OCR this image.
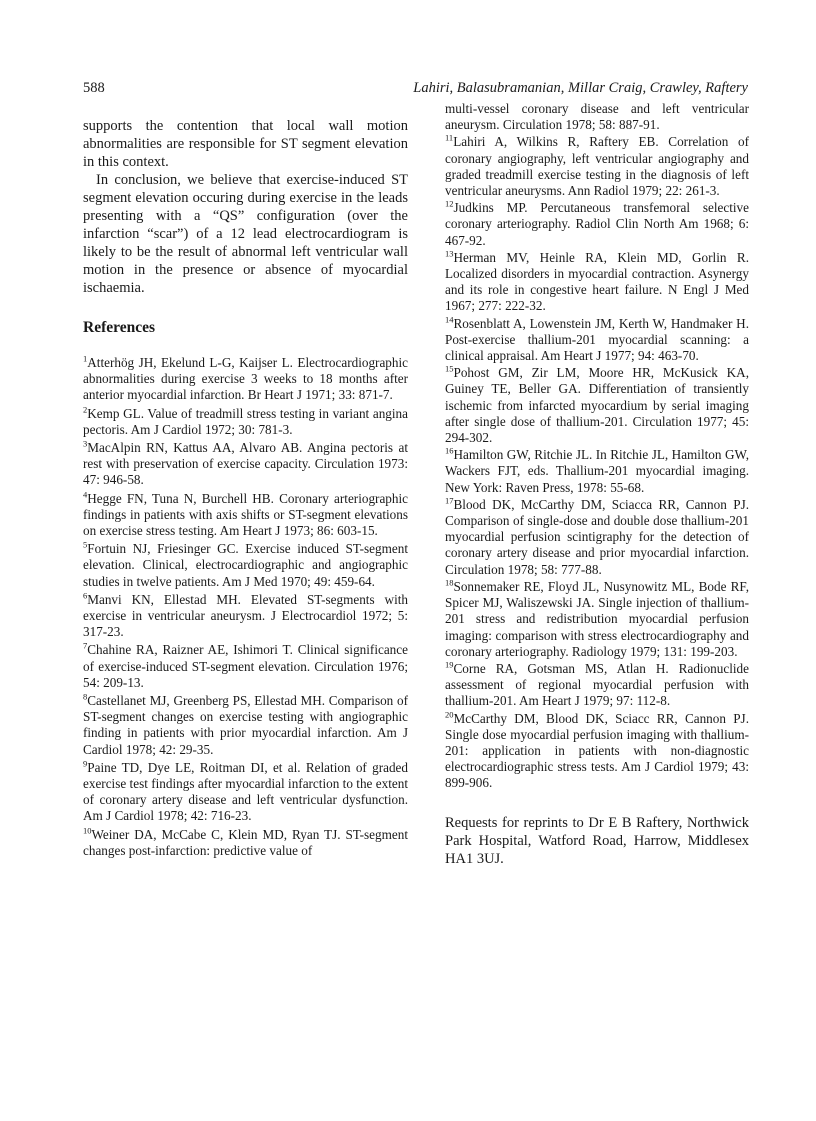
588	Lahiri, Balasubramanian, Millar Craig, Crawley, Raftery

supports the contention that local wall motion abnormalities are responsible for ST segment elevation in this context.

In conclusion, we believe that exercise-induced ST segment elevation occuring during exercise in the leads presenting with a “QS” configuration (over the infarction “scar”) of a 12 lead electrocardiogram is likely to be the result of abnormal left ventricular wall motion in the presence or absence of myocardial ischaemia.

References
$^1$Atterhög JH, Ekelund L-G, Kaijser L. Electrocardiographic abnormalities during exercise 3 weeks to 18 months after anterior myocardial infarction. Br Heart J 1971; 33: 871-7.
$^2$Kemp GL. Value of treadmill stress testing in variant angina pectoris. Am J Cardiol 1972; 30: 781-3.
$^3$MacAlpin RN, Kattus AA, Alvaro AB. Angina pectoris at rest with preservation of exercise capacity. Circulation 1973: 47: 946-58.
$^4$Hegge FN, Tuna N, Burchell HB. Coronary arteriographic findings in patients with axis shifts or ST-segment elevations on exercise stress testing. Am Heart J 1973; 86: 603-15.
$^5$Fortuin NJ, Friesinger GC. Exercise induced ST-segment elevation. Clinical, electrocardiographic and angiographic studies in twelve patients. Am J Med 1970; 49: 459-64.
$^6$Manvi KN, Ellestad MH. Elevated ST-segments with exercise in ventricular aneurysm. J Electrocardiol 1972; 5: 317-23.
$^7$Chahine RA, Raizner AE, Ishimori T. Clinical significance of exercise-induced ST-segment elevation. Circulation 1976; 54: 209-13.
$^8$Castellanet MJ, Greenberg PS, Ellestad MH. Comparison of ST-segment changes on exercise testing with angiographic finding in patients with prior myocardial infarction. Am J Cardiol 1978; 42: 29-35.
$^9$Paine TD, Dye LE, Roitman DI, et al. Relation of graded exercise test findings after myocardial infarction to the extent of coronary artery disease and left ventricular dysfunction. Am J Cardiol 1978; 42: 716-23.
$^{10}$Weiner DA, McCabe C, Klein MD, Ryan TJ. ST-segment changes post-infarction: predictive value of
multi-vessel coronary disease and left ventricular aneurysm. Circulation 1978; 58: 887-91.
$^{11}$Lahiri A, Wilkins R, Raftery EB. Correlation of coronary angiography, left ventricular angiography and graded treadmill exercise testing in the diagnosis of left ventricular aneurysms. Ann Radiol 1979; 22: 261-3.
$^{12}$Judkins MP. Percutaneous transfemoral selective coronary arteriography. Radiol Clin North Am 1968; 6: 467-92.
$^{13}$Herman MV, Heinle RA, Klein MD, Gorlin R. Localized disorders in myocardial contraction. Asynergy and its role in congestive heart failure. N Engl J Med 1967; 277: 222-32.
$^{14}$Rosenblatt A, Lowenstein JM, Kerth W, Handmaker H. Post-exercise thallium-201 myocardial scanning: a clinical appraisal. Am Heart J 1977; 94: 463-70.
$^{15}$Pohost GM, Zir LM, Moore HR, McKusick KA, Guiney TE, Beller GA. Differentiation of transiently ischemic from infarcted myocardium by serial imaging after single dose of thallium-201. Circulation 1977; 45: 294-302.
$^{16}$Hamilton GW, Ritchie JL. In Ritchie JL, Hamilton GW, Wackers FJT, eds. Thallium-201 myocardial imaging. New York: Raven Press, 1978: 55-68.
$^{17}$Blood DK, McCarthy DM, Sciacca RR, Cannon PJ. Comparison of single-dose and double dose thallium-201 myocardial perfusion scintigraphy for the detection of coronary artery disease and prior myocardial infarction. Circulation 1978; 58: 777-88.
$^{18}$Sonnemaker RE, Floyd JL, Nusynowitz ML, Bode RF, Spicer MJ, Waliszewski JA. Single injection of thallium-201 stress and redistribution myocardial perfusion imaging: comparison with stress electrocardiography and coronary arteriography. Radiology 1979; 131: 199-203.
$^{19}$Corne RA, Gotsman MS, Atlan H. Radionuclide assessment of regional myocardial perfusion with thallium-201. Am Heart J 1979; 97: 112-8.
$^{20}$McCarthy DM, Blood DK, Sciacc RR, Cannon PJ. Single dose myocardial perfusion imaging with thallium-201: application in patients with non-diagnostic electrocardiographic stress tests. Am J Cardiol 1979; 43: 899-906.
Requests for reprints to Dr E B Raftery, Northwick Park Hospital, Watford Road, Harrow, Middlesex HA1 3UJ.
